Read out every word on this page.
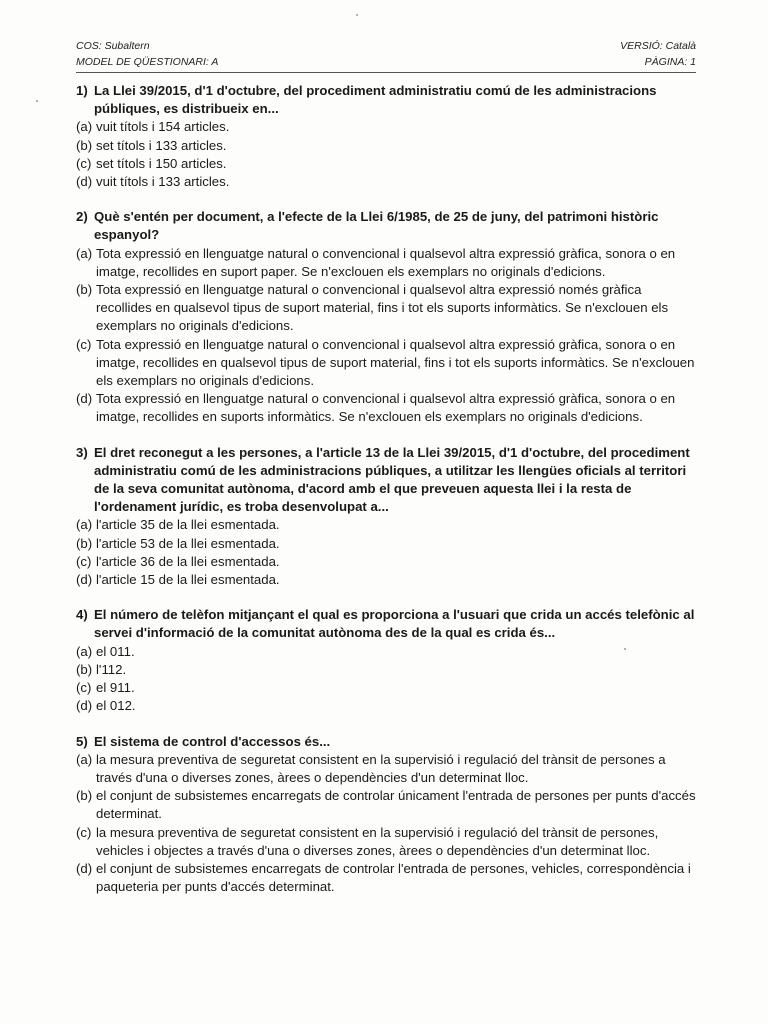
COS: Subaltern	VERSIÓ: Català
MODEL DE QÜESTIONARI: A	PÀGINA: 1
1) La Llei 39/2015, d'1 d'octubre, del procediment administratiu comú de les administracions públiques, es distribueix en...
(a) vuit títols i 154 articles.
(b) set títols i 133 articles.
(c) set títols i 150 articles.
(d) vuit títols i 133 articles.
2) Què s'entén per document, a l'efecte de la Llei 6/1985, de 25 de juny, del patrimoni històric espanyol?
(a) Tota expressió en llenguatge natural o convencional i qualsevol altra expressió gràfica, sonora o en imatge, recollides en suport paper. Se n'exclouen els exemplars no originals d'edicions.
(b) Tota expressió en llenguatge natural o convencional i qualsevol altra expressió només gràfica recollides en qualsevol tipus de suport material, fins i tot els suports informàtics. Se n'exclouen els exemplars no originals d'edicions.
(c) Tota expressió en llenguatge natural o convencional i qualsevol altra expressió gràfica, sonora o en imatge, recollides en qualsevol tipus de suport material, fins i tot els suports informàtics. Se n'exclouen els exemplars no originals d'edicions.
(d) Tota expressió en llenguatge natural o convencional i qualsevol altra expressió gràfica, sonora o en imatge, recollides en suports informàtics. Se n'exclouen els exemplars no originals d'edicions.
3) El dret reconegut a les persones, a l'article 13 de la Llei 39/2015, d'1 d'octubre, del procediment administratiu comú de les administracions públiques, a utilitzar les llengües oficials al territori de la seva comunitat autònoma, d'acord amb el que preveuen aquesta llei i la resta de l'ordenament jurídic, es troba desenvolupat a...
(a) l'article 35 de la llei esmentada.
(b) l'article 53 de la llei esmentada.
(c) l'article 36 de la llei esmentada.
(d) l'article 15 de la llei esmentada.
4) El número de telèfon mitjançant el qual es proporciona a l'usuari que crida un accés telefònic al servei d'informació de la comunitat autònoma des de la qual es crida és...
(a) el 011.
(b) l'112.
(c) el 911.
(d) el 012.
5) El sistema de control d'accessos és...
(a) la mesura preventiva de seguretat consistent en la supervisió i regulació del trànsit de persones a través d'una o diverses zones, àrees o dependències d'un determinat lloc.
(b) el conjunt de subsistemes encarregats de controlar únicament l'entrada de persones per punts d'accés determinat.
(c) la mesura preventiva de seguretat consistent en la supervisió i regulació del trànsit de persones, vehicles i objectes a través d'una o diverses zones, àrees o dependències d'un determinat lloc.
(d) el conjunt de subsistemes encarregats de controlar l'entrada de persones, vehicles, correspondència i paqueteria per punts d'accés determinat.
